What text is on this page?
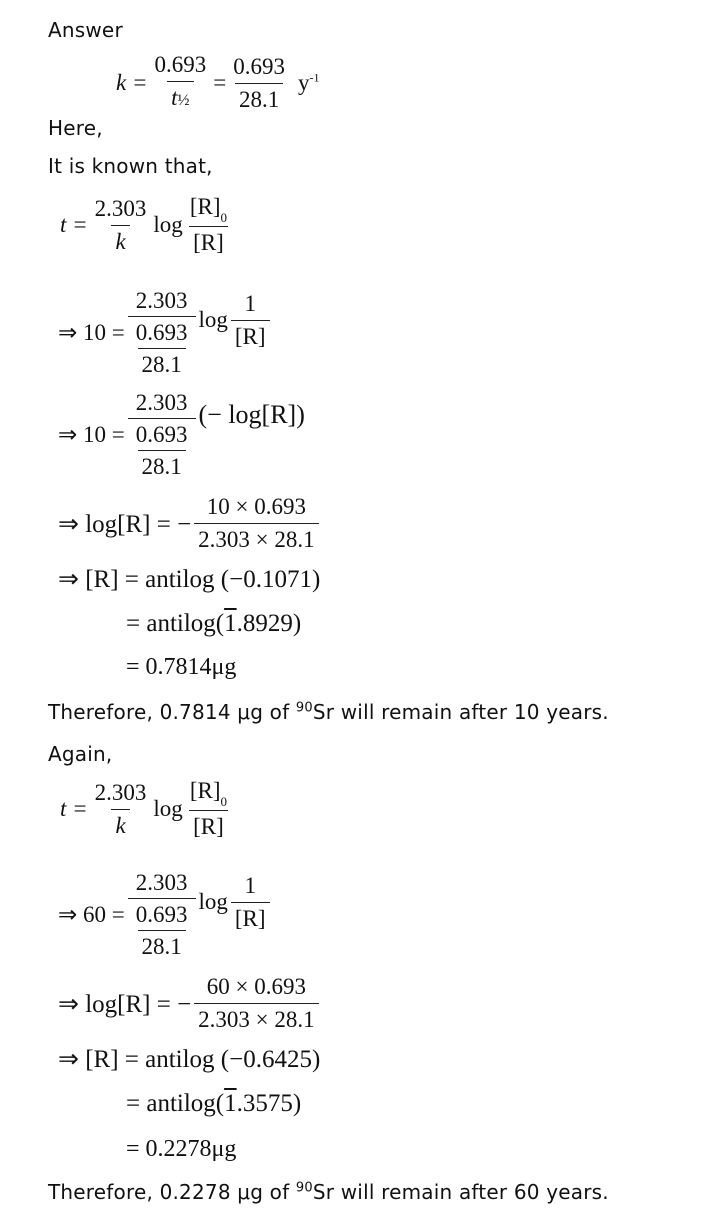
Answer
$k = \frac{0.693}{\text{t½}} = \frac{0.693}{28.1} y^{-1}$
Here,
It is known that,
$t = \frac{2.303}{k}$ $\log \frac{[R]_0}{[R]}$
⇒ $10 = \frac{2.303}{\frac{0.693}{28.1}}$ $\log \frac{1}{[R]}$
⇒ $10 = \frac{2.303}{\frac{0.693}{28.1}}$ (− log[R])
⇒ log[R] = − $\frac{10 \times 0.693}{2.303 \times 28.1}$
⇒ [R] = antilog (−0.1071)
= antilog( 1 .8929)
= 0.7814μg
Therefore, 0.7814 μg of $^{90}$Sr will remain after 10 years.
Again,
$t = \frac{2.303}{k}$ $\log \frac{[R]_0}{[R]}$
⇒ $60 = \frac{2.303}{\frac{0.693}{28.1}}$ $\log \frac{1}{[R]}$
⇒ log[R] = − $\frac{60 \times 0.693}{2.303 \times 28.1}$
⇒ [R] = antilog (−0.6425)
= antilog( 1 .3575)
= 0.2278μg
Therefore, 0.2278 μg of $^{90}$Sr will remain after 60 years.
